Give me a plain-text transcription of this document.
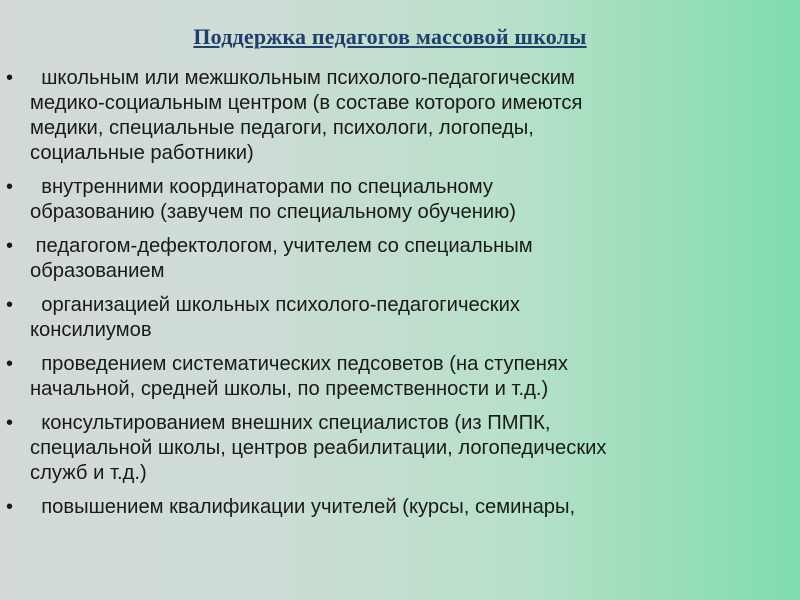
Поддержка педагогов массовой школы
• школьным или межшкольным психолого-педагогическим
медико-социальным центром (в составе которого имеются
медики, специальные педагоги, психологи, логопеды,
социальные работники)
• внутренними координаторами по специальному
образованию (завучем по специальному обучению)
• педагогом-дефектологом, учителем со специальным
образованием
• организацией школьных психолого-педагогических
консилиумов
• проведением систематических педсоветов (на ступенях
начальной, средней школы, по преемственности и т.д.)
• консультированием внешних специалистов (из ПМПК,
специальной школы, центров реабилитации, логопедических
служб и т.д.)
• повышением квалификации учителей (курсы, семинары,
